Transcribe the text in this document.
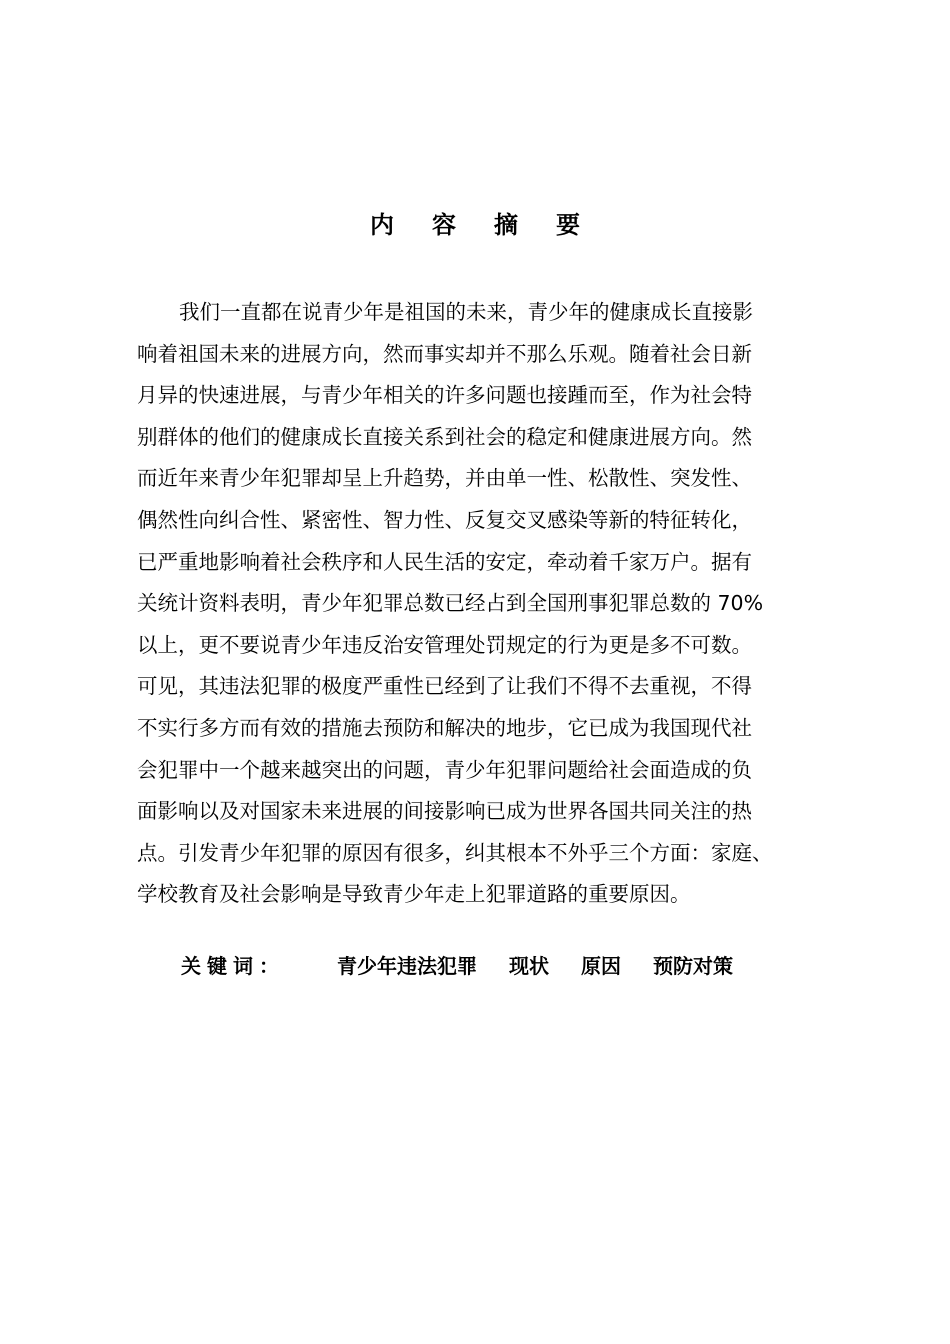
内 容 摘 要
我们一直都在说青少年是祖国的未来，青少年的健康成长直接影
响着祖国未来的进展方向，然而事实却并不那么乐观。随着社会日新
月异的快速进展，与青少年相关的许多问题也接踵而至，作为社会特
别群体的他们的健康成长直接关系到社会的稳定和健康进展方向。然
而近年来青少年犯罪却呈上升趋势，并由单一性、松散性、突发性、
偶然性向纠合性、紧密性、智力性、反复交叉感染等新的特征转化，
已严重地影响着社会秩序和人民生活的安定，牵动着千家万户。据有
关统计资料表明，青少年犯罪总数已经占到全国刑事犯罪总数的 70%
以上，更不要说青少年违反治安管理处罚规定的行为更是多不可数。
可见，其违法犯罪的极度严重性已经到了让我们不得不去重视，不得
不实行多方而有效的措施去预防和解决的地步，它已成为我国现代社
会犯罪中一个越来越突出的问题，青少年犯罪问题给社会面造成的负
面影响以及对国家未来进展的间接影响已成为世界各国共同关注的热
点。引发青少年犯罪的原因有很多，纠其根本不外乎三个方面：家庭、
学校教育及社会影响是导致青少年走上犯罪道路的重要原因。
关键词：	青少年违法犯罪 现状 原因 预防对策
